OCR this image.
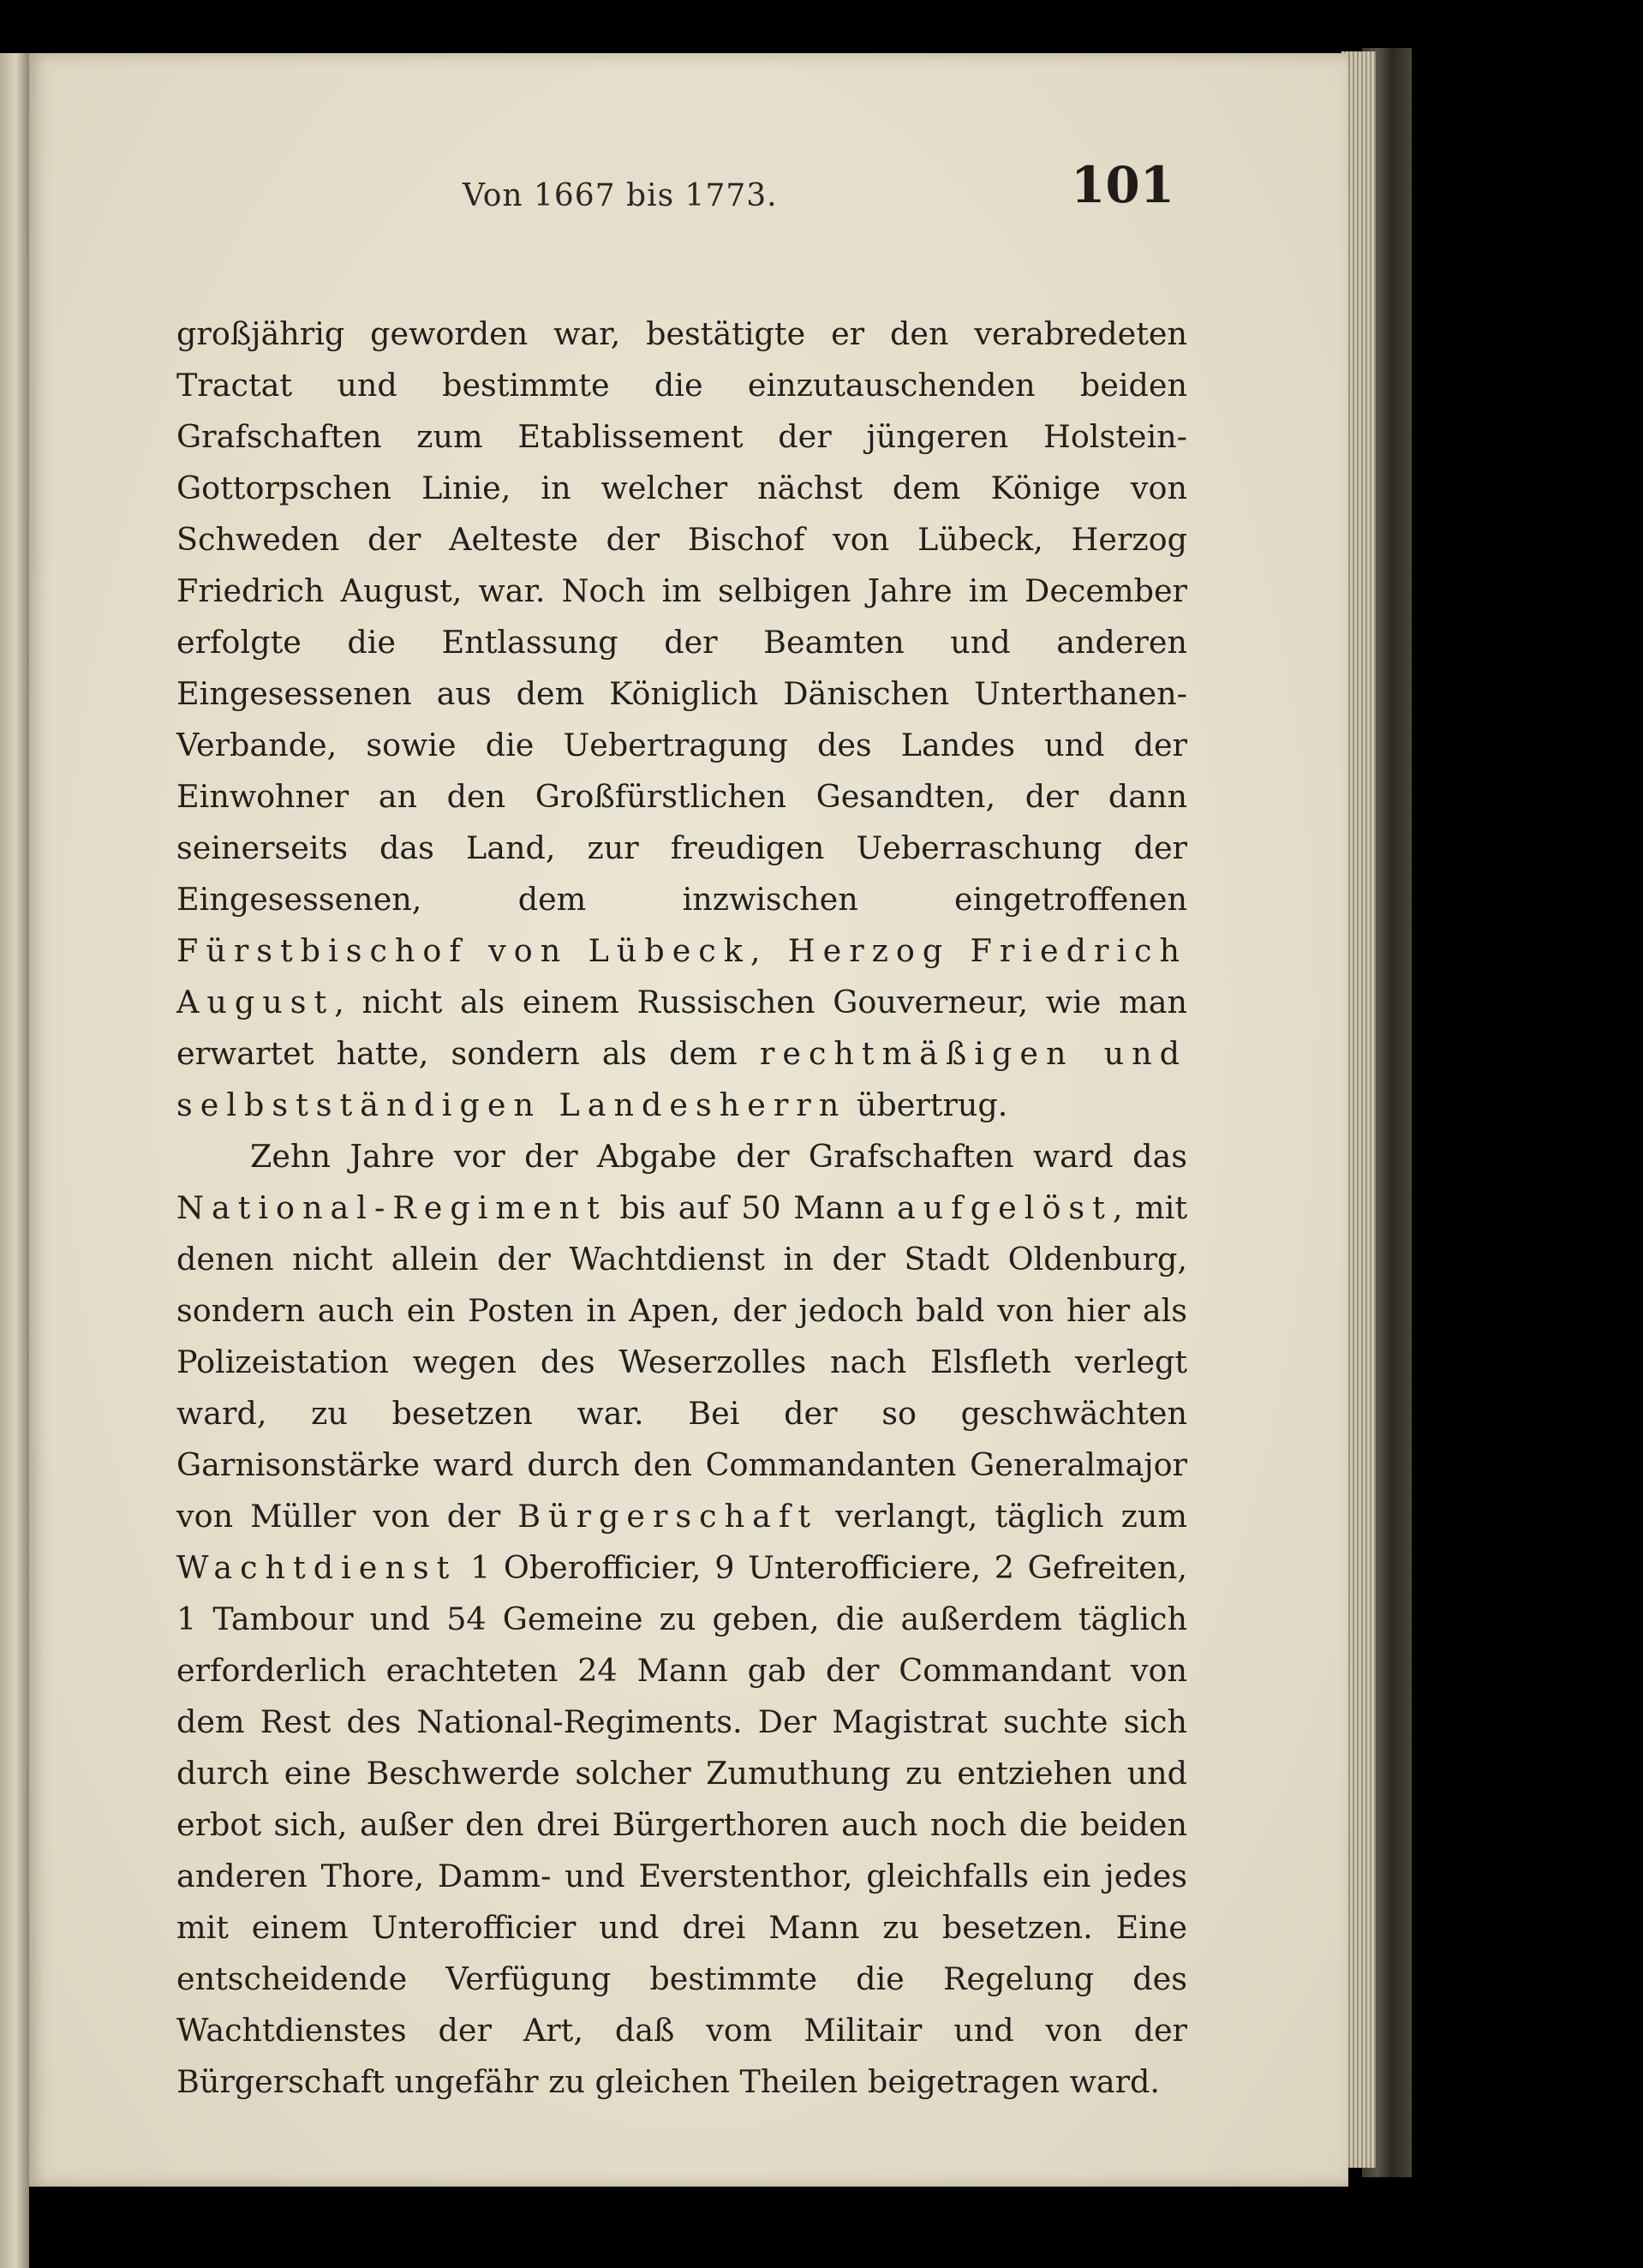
Von 1667 bis 1773.	101

großjährig geworden war, bestätigte er den verabredeten Tractat und bestimmte die einzutauschenden beiden Grafschaften zum Etablissement der jüngeren Holstein-Gottorpschen Linie, in welcher nächst dem Könige von Schweden der Aelteste der Bischof von Lübeck, Herzog Friedrich August, war. Noch im selbigen Jahre im December erfolgte die Entlassung der Beamten und anderen Eingesessenen aus dem Königlich Dänischen Unterthanen-Verbande, sowie die Uebertragung des Landes und der Einwohner an den Großfürstlichen Gesandten, der dann seinerseits das Land, zur freudigen Ueberraschung der Eingesessenen, dem inzwischen eingetroffenen Fürstbischof von Lübeck, Herzog Friedrich August, nicht als einem Russischen Gouverneur, wie man erwartet hatte, sondern als dem rechtmäßigen und selbstständigen Landesherrn übertrug.

Zehn Jahre vor der Abgabe der Grafschaften ward das National-Regiment bis auf 50 Mann aufgelöst, mit denen nicht allein der Wachtdienst in der Stadt Oldenburg, sondern auch ein Posten in Apen, der jedoch bald von hier als Polizeistation wegen des Weserzolles nach Elsfleth verlegt ward, zu besetzen war. Bei der so geschwächten Garnisonstärke ward durch den Commandanten Generalmajor von Müller von der Bürgerschaft verlangt, täglich zum Wachtdienst 1 Oberofficier, 9 Unterofficiere, 2 Gefreiten, 1 Tambour und 54 Gemeine zu geben, die außerdem täglich erforderlich erachteten 24 Mann gab der Commandant von dem Rest des National-Regiments. Der Magistrat suchte sich durch eine Beschwerde solcher Zumuthung zu entziehen und erbot sich, außer den drei Bürgerthoren auch noch die beiden anderen Thore, Damm- und Everstenthor, gleichfalls ein jedes mit einem Unterofficier und drei Mann zu besetzen. Eine entscheidende Verfügung bestimmte die Regelung des Wachtdienstes der Art, daß vom Militair und von der Bürgerschaft ungefähr zu gleichen Theilen beigetragen ward.
